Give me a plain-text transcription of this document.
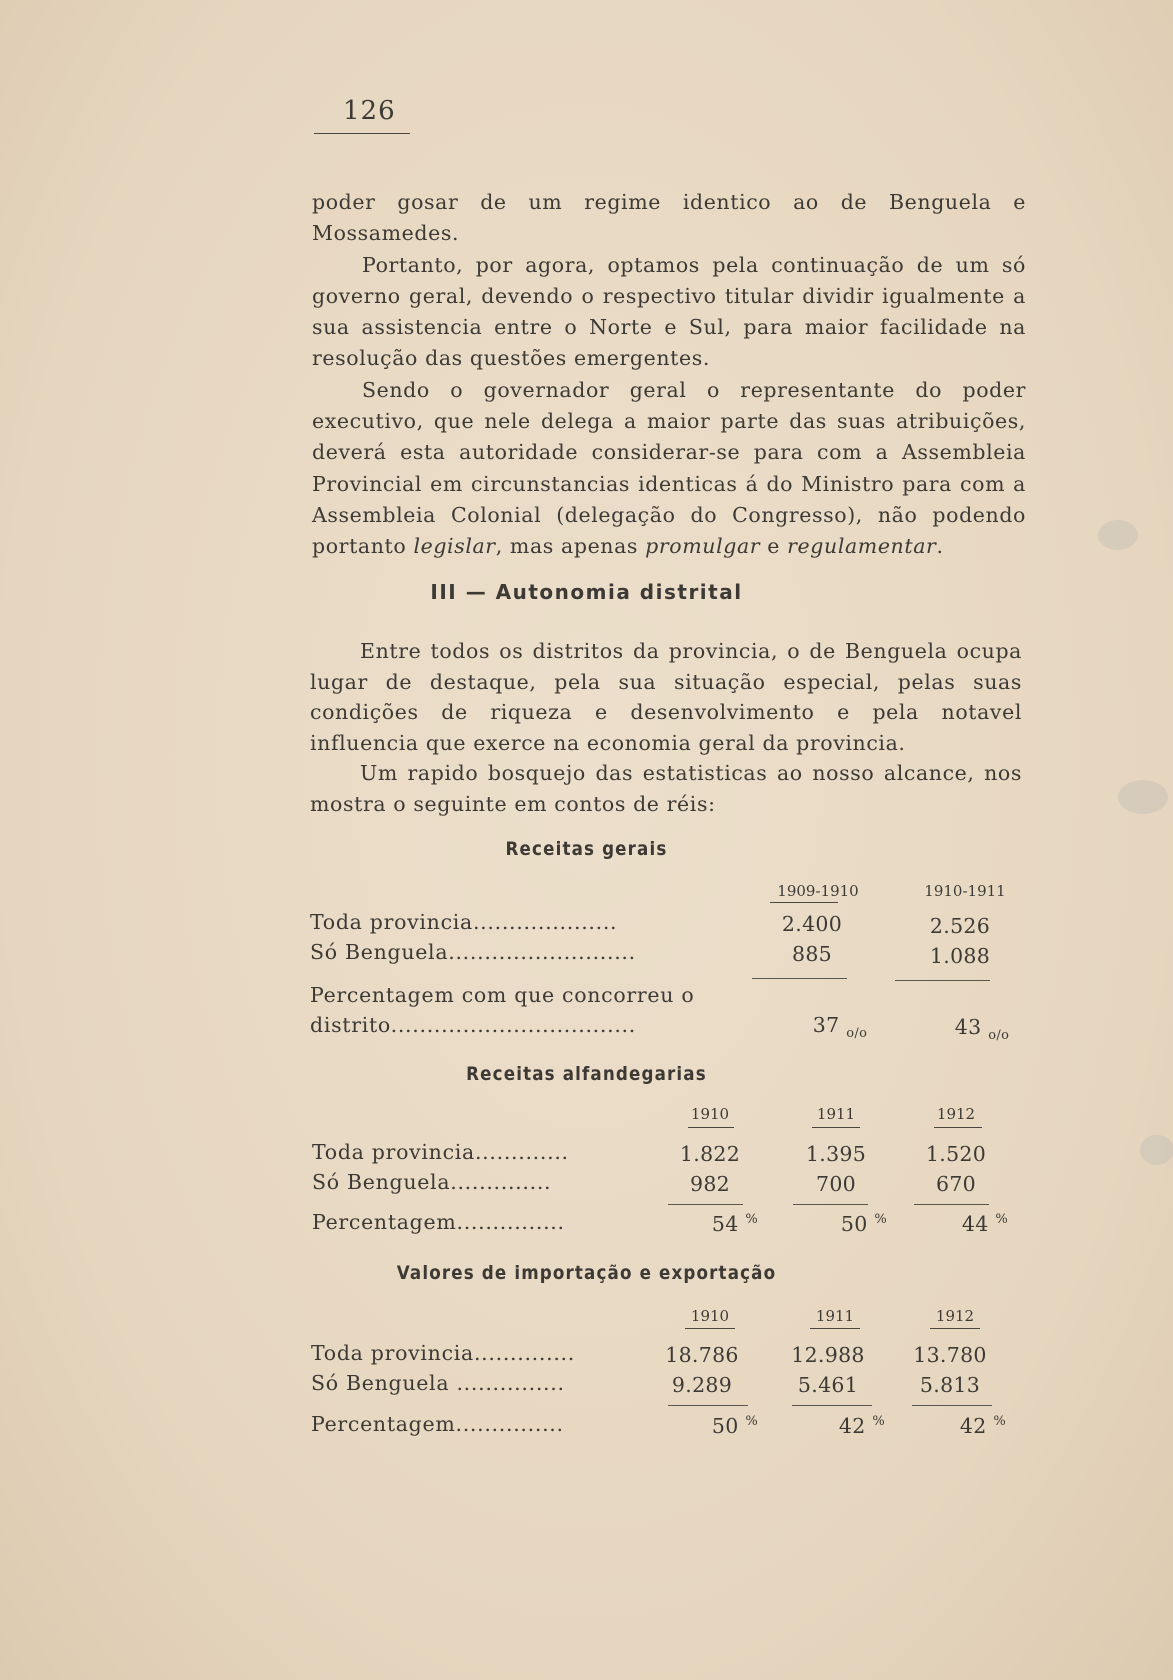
126

poder gosar de um regime identico ao de Benguela e Mossamedes.

Portanto, por agora, optamos pela continuação de um só governo geral, devendo o respectivo titular dividir igualmente a sua assistencia entre o Norte e Sul, para maior facilidade na resolução das questões emergentes.

Sendo o governador geral o representante do poder executivo, que nele delega a maior parte das suas atribuições, deverá esta autoridade considerar-se para com a Assembleia Provincial em circunstancias identicas á do Ministro para com a Assembleia Colonial (delegação do Congresso), não podendo portanto legislar, mas apenas promulgar e regulamentar.

III — Autonomia distrital

Entre todos os distritos da provincia, o de Benguela ocupa lugar de destaque, pela sua situação especial, pelas suas condições de riqueza e desenvolvimento e pela notavel influencia que exerce na economia geral da provincia.

Um rapido bosquejo das estatisticas ao nosso alcance, nos mostra o seguinte em contos de réis:

Receitas gerais
1909-1910	1910-1911
Toda provincia....................	2.400	2.526
Só Benguela..........................	885	1.088
Percentagem com que concorreu o
distrito..................................	37 $_{o/o}$	43 $_{o/o}$
Receitas alfandegarias
1910	1911	1912
Toda provincia.............	1.822	1.395	1.520
Só Benguela..............	982	700	670
Percentagem...............	54 %	50 %	44 %
Valores de importação e exportação
1910	1911	1912
Toda provincia..............	18.786	12.988	13.780
Só Benguela ...............	9.289	5.461	5.813
Percentagem...............	50 %	42 %	42 %
